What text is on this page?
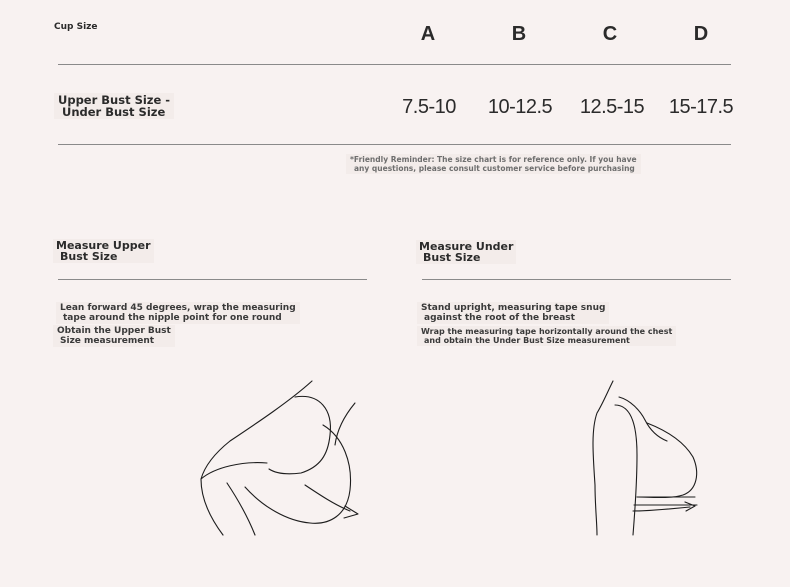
Cup Size	A	B	C	D
Upper Bust Size -

Under Bust Size	7.5-10	10-12.5	12.5-15	15-17.5
*Friendly Reminder: The size chart is for reference only. If you have
any questions, please consult customer service before purchasing
Measure Upper
Bust Size
Lean forward 45 degrees, wrap the measuring
tape around the nipple point for one round
Obtain the Upper Bust
Size measurement
Measure Under
Bust Size
Stand upright, measuring tape snug
against the root of the breast
Wrap the measuring tape horizontally around the chest
and obtain the Under Bust Size measurement
